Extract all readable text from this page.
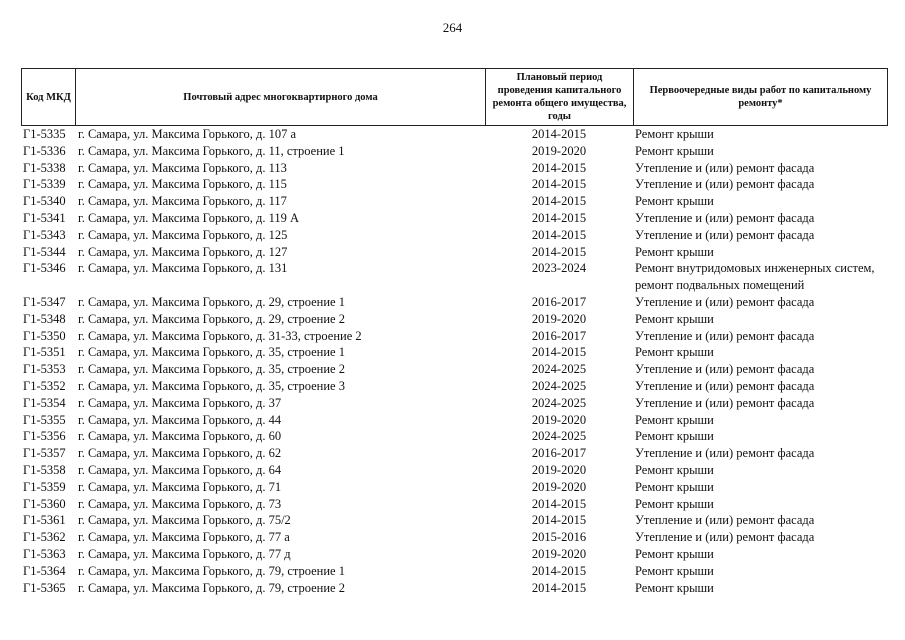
264
Код МКД	Почтовый адрес многоквартирного дома	Плановый период проведения капитального ремонта общего имущества, годы	Первоочередные виды работ по капитальному ремонту*
Г1-5335	г. Самара, ул. Максима Горького, д. 107 а	2014-2015	Ремонт крыши
Г1-5336	г. Самара, ул. Максима Горького, д. 11, строение 1	2019-2020	Ремонт крыши
Г1-5338	г. Самара, ул. Максима Горького, д. 113	2014-2015	Утепление и (или) ремонт фасада
Г1-5339	г. Самара, ул. Максима Горького, д. 115	2014-2015	Утепление и (или) ремонт фасада
Г1-5340	г. Самара, ул. Максима Горького, д. 117	2014-2015	Ремонт крыши
Г1-5341	г. Самара, ул. Максима Горького, д. 119 А	2014-2015	Утепление и (или) ремонт фасада
Г1-5343	г. Самара, ул. Максима Горького, д. 125	2014-2015	Утепление и (или) ремонт фасада
Г1-5344	г. Самара, ул. Максима Горького, д. 127	2014-2015	Ремонт крыши
Г1-5346	г. Самара, ул. Максима Горького, д. 131	2023-2024	Ремонт внутридомовых инженерных систем, ремонт подвальных помещений
Г1-5347	г. Самара, ул. Максима Горького, д. 29, строение 1	2016-2017	Утепление и (или) ремонт фасада
Г1-5348	г. Самара, ул. Максима Горького, д. 29, строение 2	2019-2020	Ремонт крыши
Г1-5350	г. Самара, ул. Максима Горького, д. 31-33, строение 2	2016-2017	Утепление и (или) ремонт фасада
Г1-5351	г. Самара, ул. Максима Горького, д. 35, строение 1	2014-2015	Ремонт крыши
Г1-5353	г. Самара, ул. Максима Горького, д. 35, строение 2	2024-2025	Утепление и (или) ремонт фасада
Г1-5352	г. Самара, ул. Максима Горького, д. 35, строение 3	2024-2025	Утепление и (или) ремонт фасада
Г1-5354	г. Самара, ул. Максима Горького, д. 37	2024-2025	Утепление и (или) ремонт фасада
Г1-5355	г. Самара, ул. Максима Горького, д. 44	2019-2020	Ремонт крыши
Г1-5356	г. Самара, ул. Максима Горького, д. 60	2024-2025	Ремонт крыши
Г1-5357	г. Самара, ул. Максима Горького, д. 62	2016-2017	Утепление и (или) ремонт фасада
Г1-5358	г. Самара, ул. Максима Горького, д. 64	2019-2020	Ремонт крыши
Г1-5359	г. Самара, ул. Максима Горького, д. 71	2019-2020	Ремонт крыши
Г1-5360	г. Самара, ул. Максима Горького, д. 73	2014-2015	Ремонт крыши
Г1-5361	г. Самара, ул. Максима Горького, д. 75/2	2014-2015	Утепление и (или) ремонт фасада
Г1-5362	г. Самара, ул. Максима Горького, д. 77 а	2015-2016	Утепление и (или) ремонт фасада
Г1-5363	г. Самара, ул. Максима Горького, д. 77 д	2019-2020	Ремонт крыши
Г1-5364	г. Самара, ул. Максима Горького, д. 79, строение 1	2014-2015	Ремонт крыши
Г1-5365	г. Самара, ул. Максима Горького, д. 79, строение 2	2014-2015	Ремонт крыши
